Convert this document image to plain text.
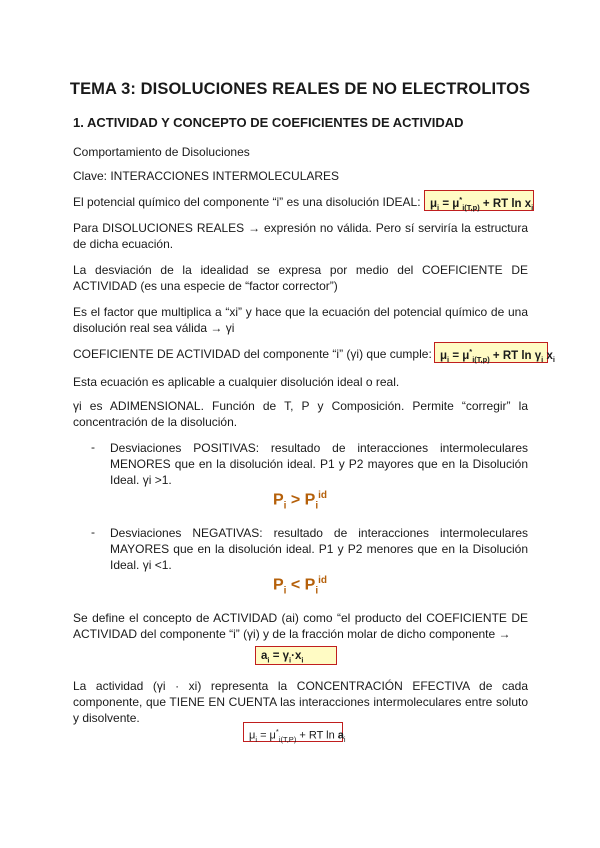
TEMA 3: DISOLUCIONES REALES DE NO ELECTROLITOS
1. ACTIVIDAD Y CONCEPTO DE COEFICIENTES DE ACTIVIDAD
Comportamiento de Disoluciones
Clave: INTERACCIONES INTERMOLECULARES
El potencial químico del componente “i” es una disolución IDEAL: $\mu_i = \mu^*_{i(T,p)}$ + RT $\ln x_i$
Para DISOLUCIONES REALES → expresión no válida. Pero sí serviría la estructura de dicha ecuación.
La desviación de la idealidad se expresa por medio del COEFICIENTE DE ACTIVIDAD (es una especie de “factor corrector”)
Es el factor que multiplica a “xi” y hace que la ecuación del potencial químico de una disolución real sea válida → γi
COEFICIENTE DE ACTIVIDAD del componente “i” (γi) que cumple: $\mu_i = \mu^*_{i(T,p)}$ + RT $\ln \gamma_i$ $x_i$
Esta ecuación es aplicable a cualquier disolución ideal o real.
γi es ADIMENSIONAL. Función de T, P y Composición. Permite “corregir” la concentración de la disolución.
- Desviaciones POSITIVAS: resultado de interacciones intermoleculares MENORES que en la disolución ideal. P1 y P2 mayores que en la Disolución Ideal. γi >1.
$P_i > P_i^{id}$
- Desviaciones NEGATIVAS: resultado de interacciones intermoleculares MAYORES que en la disolución ideal. P1 y P2 menores que en la Disolución Ideal. γi <1.
$P_i < P_i^{id}$
Se define el concepto de ACTIVIDAD (ai) como “el producto del COEFICIENTE DE ACTIVIDAD del componente “i” (γi) y de la fracción molar de dicho componente →
$a_i = \gamma_i\cdot x_i$
La actividad (γi · xi) representa la CONCENTRACIÓN EFECTIVA de cada componente, que TIENE EN CUENTA las interacciones intermoleculares entre soluto y disolvente.
$\mu_i = \mu^*_{i(T,P)}$ + RT $\ln a_i$
